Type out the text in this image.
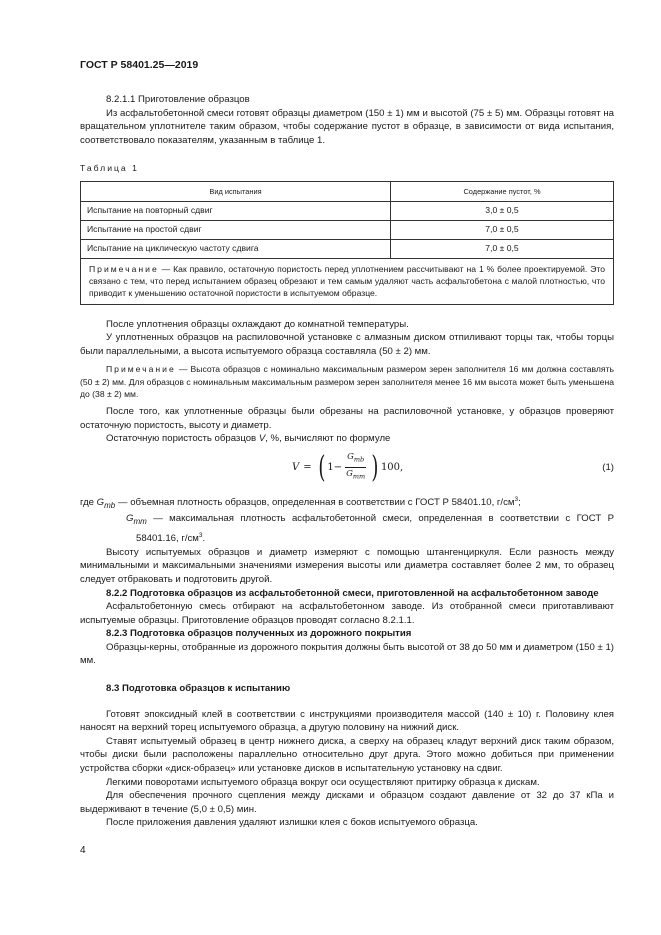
ГОСТ Р 58401.25—2019

8.2.1.1 Приготовление образцов

Из асфальтобетонной смеси готовят образцы диаметром (150 ± 1) мм и высотой (75 ± 5) мм. Образцы готовят на вращательном уплотнителе таким образом, чтобы содержание пустот в образце, в зависимости от вида испытания, соответствовало показателям, указанным в таблице 1.

Таблица 1
Вид испытания	Содержание пустот, %
Испытание на повторный сдвиг	3,0 ± 0,5
Испытание на простой сдвиг	7,0 ± 0,5
Испытание на циклическую частоту сдвига	7,0 ± 0,5
Примечание — Как правило, остаточную пористость перед уплотнением рассчитывают на 1 % более проектируемой. Это связано с тем, что перед испытанием образец обрезают и тем самым удаляют часть асфальтобетона с малой плотностью, что приводит к уменьшению остаточной пористости в испытуемом образце.	

После уплотнения образцы охлаждают до комнатной температуры.

У уплотненных образцов на распиловочной установке с алмазным диском отпиливают торцы так, чтобы торцы были параллельными, а высота испытуемого образца составляла (50 ± 2) мм.

Примечание — Высота образцов с номинально максимальным размером зерен заполнителя 16 мм должна составлять (50 ± 2) мм. Для образцов с номинальным максимальным размером зерен заполнителя менее 16 мм высота может быть уменьшена до (38 ± 2) мм.

После того, как уплотненные образцы были обрезаны на распиловочной установке, у образцов проверяют остаточную пористость, высоту и диаметр.

Остаточную пористость образцов V, %, вычисляют по формуле

V = ( $1- \frac{G_{mb}}{G_{mm}}$ ) 100,	(1)
где $G_{mb}$ — объемная плотность образцов, определенная в соответствии с ГОСТ Р 58401.10, $г/см^3$;

$G_{mm}$ — максимальная плотность асфальтобетонной смеси, определенная в соответствии с ГОСТ Р 58401.16, $г/см^3$.

Высоту испытуемых образцов и диаметр измеряют с помощью штангенциркуля. Если разность между минимальными и максимальными значениями измерения высоты или диаметра составляет более 2 мм, то образец следует отбраковать и подготовить другой.

8.2.2 Подготовка образцов из асфальтобетонной смеси, приготовленной на асфальтобетонном заводе

Асфальтобетонную смесь отбирают на асфальтобетонном заводе. Из отобранной смеси приготавливают испытуемые образцы. Приготовление образцов проводят согласно 8.2.1.1.

8.2.3 Подготовка образцов полученных из дорожного покрытия

Образцы-керны, отобранные из дорожного покрытия должны быть высотой от 38 до 50 мм и диаметром (150 ± 1) мм.

8.3 Подготовка образцов к испытанию

Готовят эпоксидный клей в соответствии с инструкциями производителя массой (140 ± 10) г. Половину клея наносят на верхний торец испытуемого образца, а другую половину на нижний диск.

Ставят испытуемый образец в центр нижнего диска, а сверху на образец кладут верхний диск таким образом, чтобы диски были расположены параллельно относительно друг друга. Этого можно добиться при применении устройства сборки «диск-образец» или установке дисков в испытательную установку на сдвиг.

Легкими поворотами испытуемого образца вокруг оси осуществляют притирку образца к дискам.

Для обеспечения прочного сцепления между дисками и образцом создают давление от 32 до 37 кПа и выдерживают в течение (5,0 ± 0,5) мин.

После приложения давления удаляют излишки клея с боков испытуемого образца.

4
